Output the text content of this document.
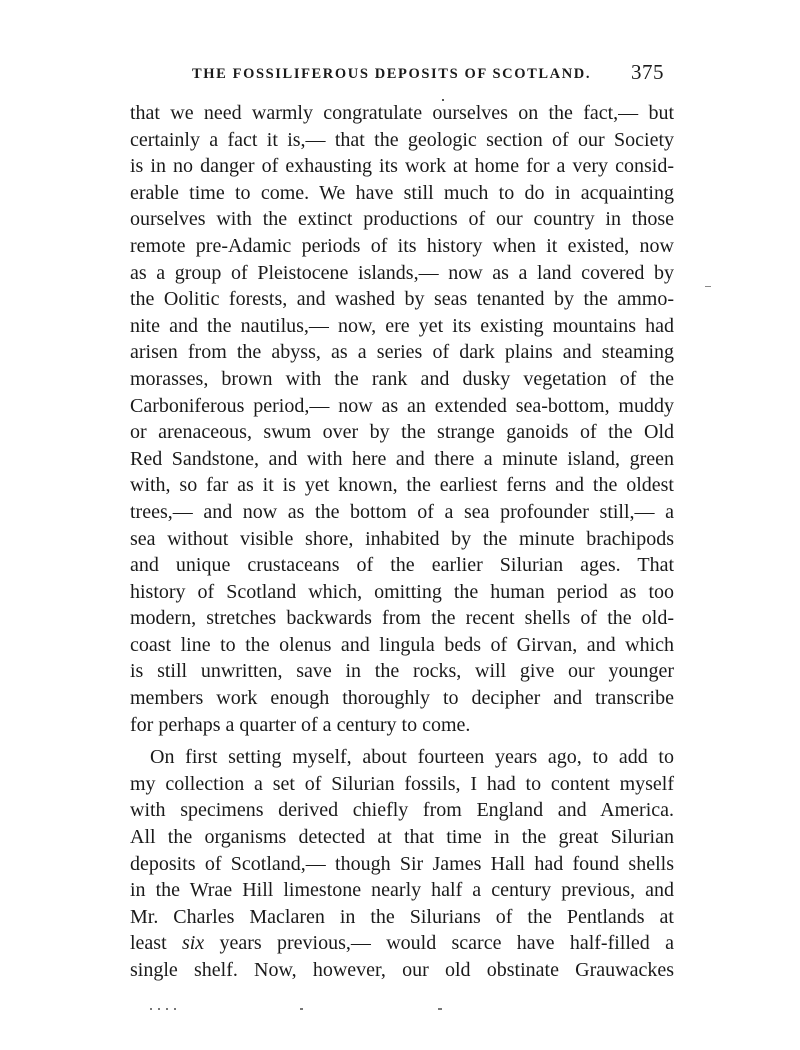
THE FOSSILIFEROUS DEPOSITS OF SCOTLAND. 375
that we need warmly congratulate ourselves on the fact,— but
certainly a fact it is,— that the geologic section of our Society
is in no danger of exhausting its work at home for a very consid-
erable time to come. We have still much to do in acquainting
ourselves with the extinct productions of our country in those
remote pre-Adamic periods of its history when it existed, now
as a group of Pleistocene islands,— now as a land covered by
the Oolitic forests, and washed by seas tenanted by the ammo-
nite and the nautilus,— now, ere yet its existing mountains had
arisen from the abyss, as a series of dark plains and steaming
morasses, brown with the rank and dusky vegetation of the
Carboniferous period,— now as an extended sea-bottom, muddy
or arenaceous, swum over by the strange ganoids of the Old
Red Sandstone, and with here and there a minute island, green
with, so far as it is yet known, the earliest ferns and the oldest
trees,— and now as the bottom of a sea profounder still,— a
sea without visible shore, inhabited by the minute brachipods
and unique crustaceans of the earlier Silurian ages. That
history of Scotland which, omitting the human period as too
modern, stretches backwards from the recent shells of the old-
coast line to the olenus and lingula beds of Girvan, and which
is still unwritten, save in the rocks, will give our younger
members work enough thoroughly to decipher and transcribe
for perhaps a quarter of a century to come.
On first setting myself, about fourteen years ago, to add to
my collection a set of Silurian fossils, I had to content myself
with specimens derived chiefly from England and America.
All the organisms detected at that time in the great Silurian
deposits of Scotland,— though Sir James Hall had found shells
in the Wrae Hill limestone nearly half a century previous, and
Mr. Charles Maclaren in the Silurians of the Pentlands at
least six years previous,— would scarce have half-filled a
single shelf. Now, however, our old obstinate Grauwackes
